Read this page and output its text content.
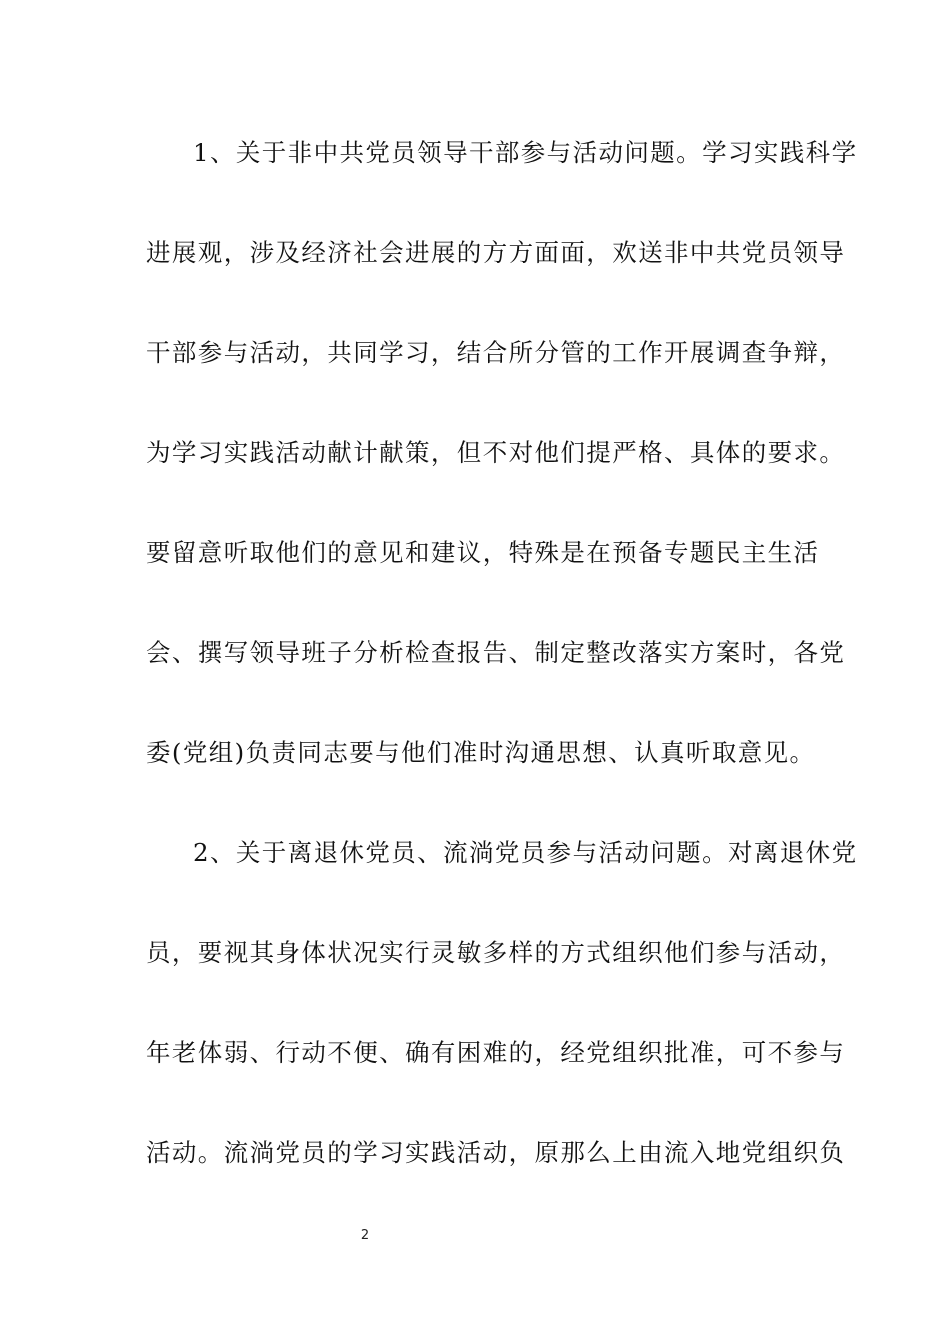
1、关于非中共党员领导干部参与活动问题。学习实践科学
进展观，涉及经济社会进展的方方面面，欢送非中共党员领导
干部参与活动，共同学习，结合所分管的工作开展调查争辩，
为学习实践活动献计献策，但不对他们提严格、具体的要求。
要留意听取他们的意见和建议，特殊是在预备专题民主生活
会、撰写领导班子分析检查报告、制定整改落实方案时，各党
委(党组)负责同志要与他们准时沟通思想、认真听取意见。
2、关于离退休党员、流淌党员参与活动问题。对离退休党
员，要视其身体状况实行灵敏多样的方式组织他们参与活动，
年老体弱、行动不便、确有困难的，经党组织批准，可不参与
活动。流淌党员的学习实践活动，原那么上由流入地党组织负
2
